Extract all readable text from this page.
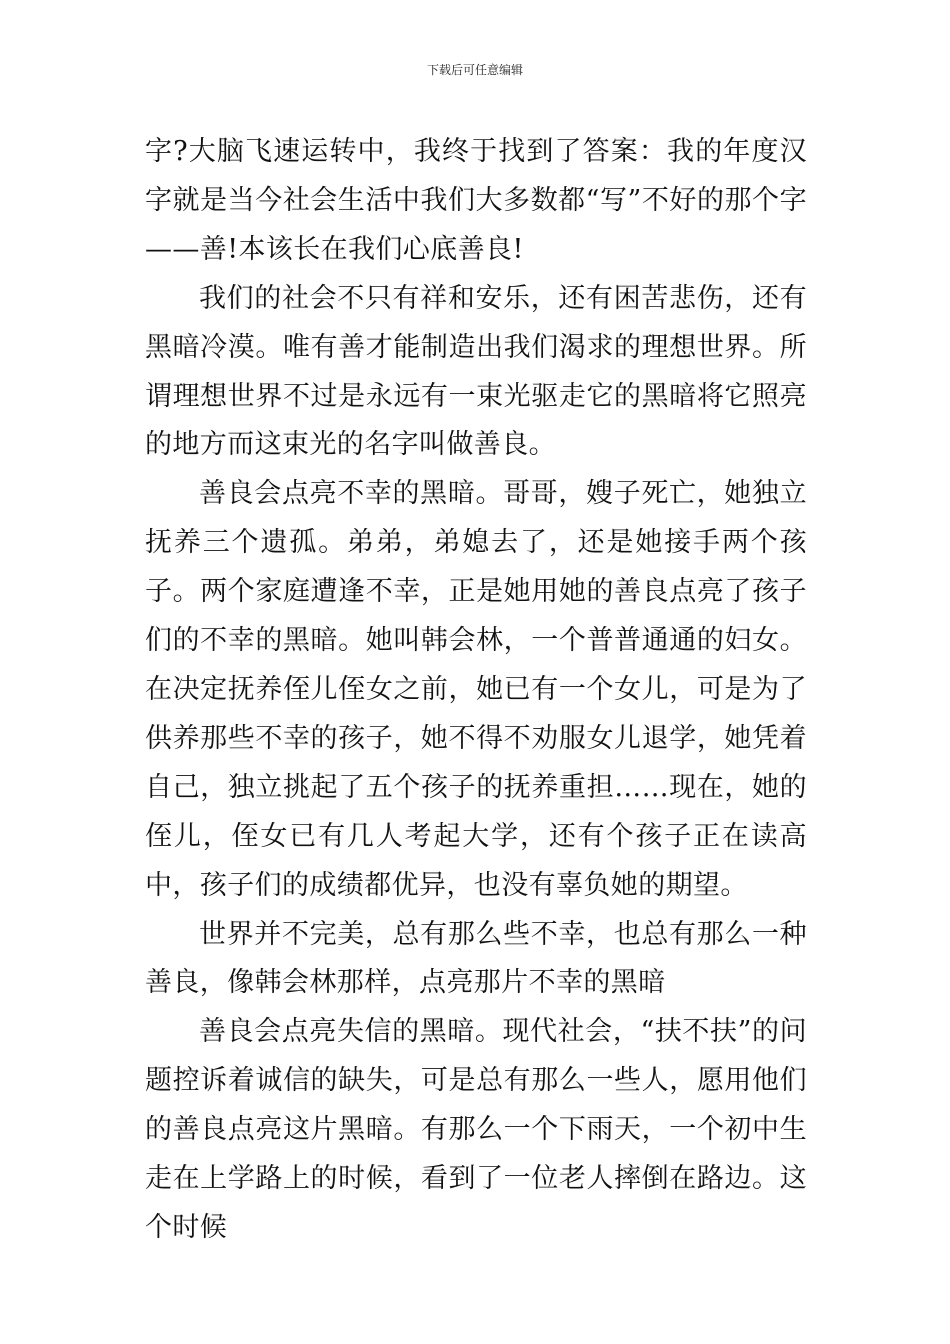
下载后可任意编辑

字?大脑飞速运转中，我终于找到了答案：我的年度汉字就是当今社会生活中我们大多数都“写”不好的那个字——善!本该长在我们心底善良!

我们的社会不只有祥和安乐，还有困苦悲伤，还有黑暗冷漠。唯有善才能制造出我们渴求的理想世界。所谓理想世界不过是永远有一束光驱走它的黑暗将它照亮的地方而这束光的名字叫做善良。

善良会点亮不幸的黑暗。哥哥，嫂子死亡，她独立抚养三个遗孤。弟弟，弟媳去了，还是她接手两个孩子。两个家庭遭逢不幸，正是她用她的善良点亮了孩子们的不幸的黑暗。她叫韩会林，一个普普通通的妇女。在决定抚养侄儿侄女之前，她已有一个女儿，可是为了供养那些不幸的孩子，她不得不劝服女儿退学，她凭着自己，独立挑起了五个孩子的抚养重担……现在，她的侄儿，侄女已有几人考起大学，还有个孩子正在读高中，孩子们的成绩都优异，也没有辜负她的期望。

世界并不完美，总有那么些不幸，也总有那么一种善良，像韩会林那样，点亮那片不幸的黑暗

善良会点亮失信的黑暗。现代社会，“扶不扶”的问题控诉着诚信的缺失，可是总有那么一些人，愿用他们的善良点亮这片黑暗。有那么一个下雨天，一个初中生走在上学路上的时候，看到了一位老人摔倒在路边。这个时候
